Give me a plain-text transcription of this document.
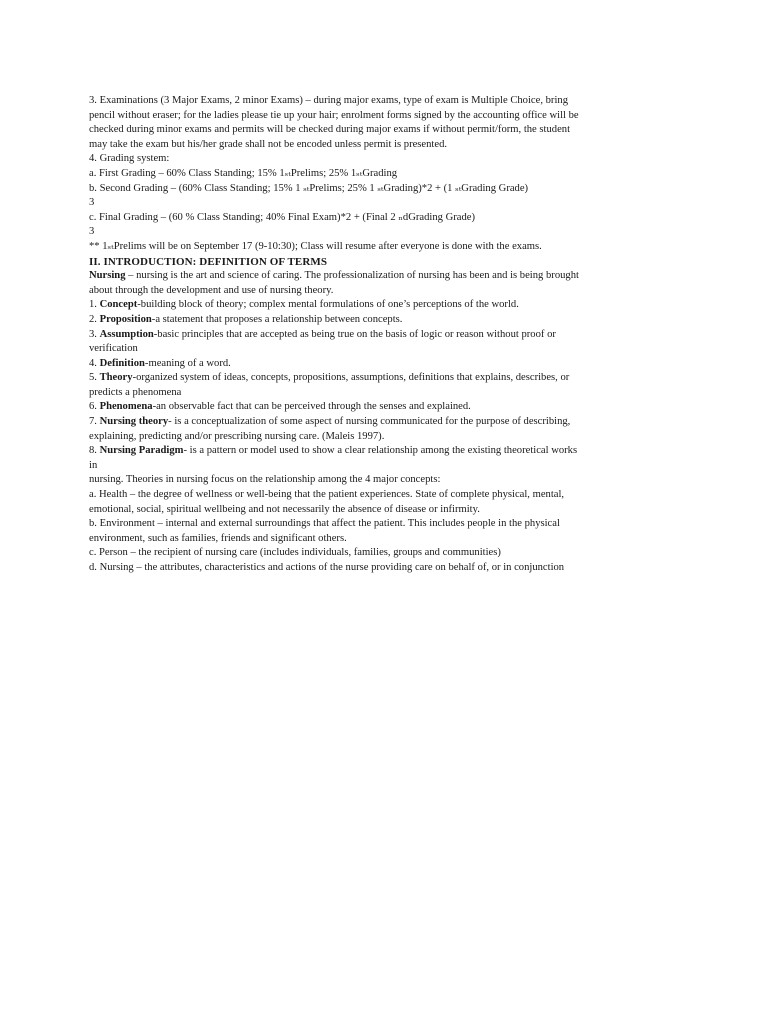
3. Examinations (3 Major Exams, 2 minor Exams) – during major exams, type of exam is Multiple Choice, bring
pencil without eraser; for the ladies please tie up your hair; enrolment forms signed by the accounting office will be
checked during minor exams and permits will be checked during major exams if without permit/form, the student
may take the exam but his/her grade shall not be encoded unless permit is presented.
4. Grading system:
a. First Grading – 60% Class Standing; 15% 1ₛₜPrelims; 25% 1ₛₜGrading
b. Second Grading – (60% Class Standing; 15% 1 ₛₜPrelims; 25% 1 ₛₜGrading)*2 + (1 ₛₜGrading Grade)
3
c. Final Grading – (60 % Class Standing; 40% Final Exam)*2 + (Final 2 ₙdGrading Grade)
3
** 1ₛₜPrelims will be on September 17 (9-10:30); Class will resume after everyone is done with the exams.
II. INTRODUCTION: DEFINITION OF TERMS
Nursing – nursing is the art and science of caring. The professionalization of nursing has been and is being brought
about through the development and use of nursing theory.
1. Concept-building block of theory; complex mental formulations of one’s perceptions of the world.
2. Proposition-a statement that proposes a relationship between concepts.
3. Assumption-basic principles that are accepted as being true on the basis of logic or reason without proof or
verification
4. Definition-meaning of a word.
5. Theory-organized system of ideas, concepts, propositions, assumptions, definitions that explains, describes, or
predicts a phenomena
6. Phenomena-an observable fact that can be perceived through the senses and explained.
7. Nursing theory- is a conceptualization of some aspect of nursing communicated for the purpose of describing,
explaining, predicting and/or prescribing nursing care. (Maleis 1997).
8. Nursing Paradigm- is a pattern or model used to show a clear relationship among the existing theoretical works
in
nursing. Theories in nursing focus on the relationship among the 4 major concepts:
a. Health – the degree of wellness or well-being that the patient experiences. State of complete physical, mental,
emotional, social, spiritual wellbeing and not necessarily the absence of disease or infirmity.
b. Environment – internal and external surroundings that affect the patient. This includes people in the physical
environment, such as families, friends and significant others.
c. Person – the recipient of nursing care (includes individuals, families, groups and communities)
d. Nursing – the attributes, characteristics and actions of the nurse providing care on behalf of, or in conjunction
